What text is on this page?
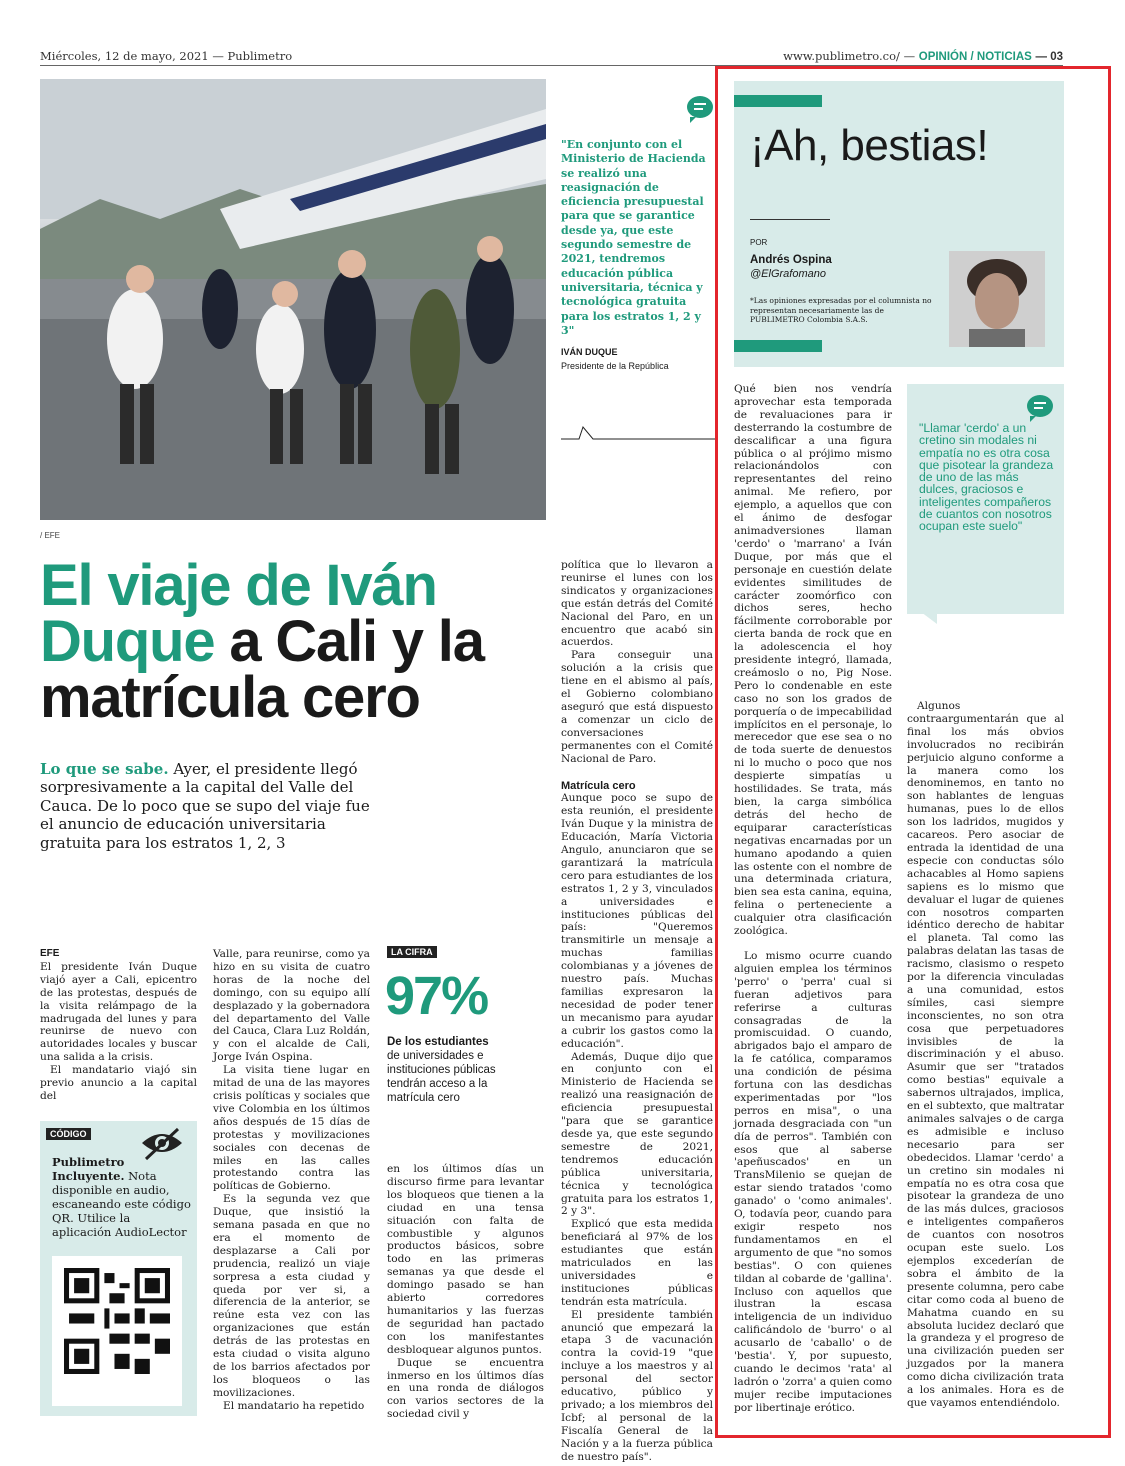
Miércoles, 12 de mayo, 2021 — Publimetro	www.publimetro.co/ — OPINIÓN / NOTICIAS — 03
/ EFE
"En conjunto con el Ministerio de Hacienda se realizó una reasignación de eficiencia presupuestal para que se garantice desde ya, que este segundo semestre de 2021, tendremos educación pública universitaria, técnica y tecnológica gratuita para los estratos 1, 2 y 3"
IVÁN DUQUE
Presidente de la República
El viaje de Iván Duque a Cali y la matrícula cero
Lo que se sabe. Ayer, el presidente llegó sorpresivamente a la capital del Valle del Cauca. De lo poco que se supo del viaje fue el anuncio de educación universitaria gratuita para los estratos 1, 2, 3

EFE

El presidente Iván Duque viajó ayer a Cali, epicentro de las protestas, después de la visita relámpago de la madrugada del lunes y para reunirse de nuevo con autoridades locales y buscar una salida a la crisis.

El mandatario viajó sin previo anuncio a la capital del

CÓDIGO
Publimetro Incluyente. Nota disponible en audio, escaneando este código QR. Utilice la aplicación AudioLector

Valle, para reunirse, como ya hizo en su visita de cuatro horas de la noche del domingo, con su equipo allí desplazado y la gobernadora del departamento del Valle del Cauca, Clara Luz Roldán, y con el alcalde de Cali, Jorge Iván Ospina.

La visita tiene lugar en mitad de una de las mayores crisis políticas y sociales que vive Colombia en los últimos años después de 15 días de protestas y movilizaciones sociales con decenas de miles en las calles protestando contra las políticas de Gobierno.

Es la segunda vez que Duque, que insistió la semana pasada en que no era el momento de desplazarse a Cali por prudencia, realizó un viaje sorpresa a esta ciudad y queda por ver si, a diferencia de la anterior, se reúne esta vez con las organizaciones que están detrás de las protestas en esta ciudad o visita alguno de los barrios afectados por los bloqueos o las movilizaciones.

El mandatario ha repetido

LA CIFRA
97%
De los estudiantes
de universidades e instituciones públicas tendrán acceso a la matrícula cero

en los últimos días un discurso firme para levantar los bloqueos que tienen a la ciudad en una tensa situación con falta de combustible y algunos productos básicos, sobre todo en las primeras semanas ya que desde el domingo pasado se han abierto corredores humanitarios y las fuerzas de seguridad han pactado con los manifestantes desbloquear algunos puntos.

Duque se encuentra inmerso en los últimos días en una ronda de diálogos con varios sectores de la sociedad civil y

política que lo llevaron a reunirse el lunes con los sindicatos y organizaciones que están detrás del Comité Nacional del Paro, en un encuentro que acabó sin acuerdos.

Para conseguir una solución a la crisis que tiene en el abismo al país, el Gobierno colombiano aseguró que está dispuesto a comenzar un ciclo de conversaciones permanentes con el Comité Nacional de Paro.

Matrícula cero

Aunque poco se supo de esta reunión, el presidente Iván Duque y la ministra de Educación, María Victoria Angulo, anunciaron que se garantizará la matrícula cero para estudiantes de los estratos 1, 2 y 3, vinculados a universidades e instituciones públicas del país: "Queremos transmitirle un mensaje a muchas familias colombianas y a jóvenes de nuestro país. Muchas familias expresaron la necesidad de poder tener un mecanismo para ayudar a cubrir los gastos como la educación".

Además, Duque dijo que en conjunto con el Ministerio de Hacienda se realizó una reasignación de eficiencia presupuestal "para que se garantice desde ya, que este segundo semestre de 2021, tendremos educación pública universitaria, técnica y tecnológica gratuita para los estratos 1, 2 y 3".

Explicó que esta medida beneficiará al 97% de los estudiantes que están matriculados en las universidades e instituciones públicas tendrán esta matrícula.

El presidente también anunció que empezará la etapa 3 de vacunación contra la covid-19 "que incluye a los maestros y al personal del sector educativo, público y privado; a los miembros del Icbf; al personal de la Fiscalía General de la Nación y a la fuerza pública de nuestro país".

¡Ah, bestias!
POR
Andrés Ospina
@ElGrafomano
*Las opiniones expresadas por el columnista no representan necesariamente las de PUBLIMETRO Colombia S.A.S.

Qué bien nos vendría aprovechar esta temporada de revaluaciones para ir desterrando la costumbre de descalificar a una figura pública o al prójimo mismo relacionándolos con representantes del reino animal. Me refiero, por ejemplo, a aquellos que con el ánimo de desfogar animadversiones llaman 'cerdo' o 'marrano' a Iván Duque, por más que el personaje en cuestión delate evidentes similitudes de carácter zoomórfico con dichos seres, hecho fácilmente corroborable por cierta banda de rock que en la adolescencia el hoy presidente integró, llamada, creámoslo o no, Pig Nose. Pero lo condenable en este caso no son los grados de porquería o de impecabilidad implícitos en el personaje, lo merecedor que ese sea o no de toda suerte de denuestos ni lo mucho o poco que nos despierte simpatías u hostilidades. Se trata, más bien, la carga simbólica detrás del hecho de equiparar características negativas encarnadas por un humano apodando a quien las ostente con el nombre de una determinada criatura, bien sea esta canina, equina, felina o perteneciente a cualquier otra clasificación zoológica.

Lo mismo ocurre cuando alguien emplea los términos 'perro' o 'perra' cual si fueran adjetivos para referirse a culturas consagradas de la promiscuidad. O cuando, abrigados bajo el amparo de la fe católica, comparamos una condición de pésima fortuna con las desdichas experimentadas por "los perros en misa", o una jornada desgraciada con "un día de perros". También con esos que al saberse 'apeñuscados' en un TransMilenio se quejan de estar siendo tratados 'como ganado' o 'como animales'. O, todavía peor, cuando para exigir respeto nos fundamentamos en el argumento de que "no somos bestias". O con quienes tildan al cobarde de 'gallina'. Incluso con aquellos que ilustran la escasa inteligencia de un individuo calificándolo de 'burro' o al acusarlo de 'caballo' o de 'bestia'. Y, por supuesto, cuando le decimos 'rata' al ladrón o 'zorra' a quien como mujer recibe imputaciones por libertinaje erótico.

"Llamar 'cerdo' a un cretino sin modales ni empatía no es otra cosa que pisotear la grandeza de uno de las más dulces, graciosos e inteligentes compañeros de cuantos con nosotros ocupan este suelo"

Algunos contraargumentarán que al final los más obvios involucrados no recibirán perjuicio alguno conforme a la manera como los denominemos, en tanto no son hablantes de lenguas humanas, pues lo de ellos son los ladridos, mugidos y cacareos. Pero asociar de entrada la identidad de una especie con conductas sólo achacables al Homo sapiens sapiens es lo mismo que devaluar el lugar de quienes con nosotros comparten idéntico derecho de habitar el planeta. Tal como las palabras delatan las tasas de racismo, clasismo o respeto por la diferencia vinculadas a una comunidad, estos símiles, casi siempre inconscientes, no son otra cosa que perpetuadores invisibles de la discriminación y el abuso. Asumir que ser "tratados como bestias" equivale a sabernos ultrajados, implica, en el subtexto, que maltratar animales salvajes o de carga es admisible e incluso necesario para ser obedecidos. Llamar 'cerdo' a un cretino sin modales ni empatía no es otra cosa que pisotear la grandeza de uno de las más dulces, graciosos e inteligentes compañeros de cuantos con nosotros ocupan este suelo. Los ejemplos excederían de sobra el ámbito de la presente columna, pero cabe citar como coda al bueno de Mahatma cuando en su absoluta lucidez declaró que la grandeza y el progreso de una civilización pueden ser juzgados por la manera como dicha civilización trata a los animales. Hora es de que vayamos entendiéndolo.
